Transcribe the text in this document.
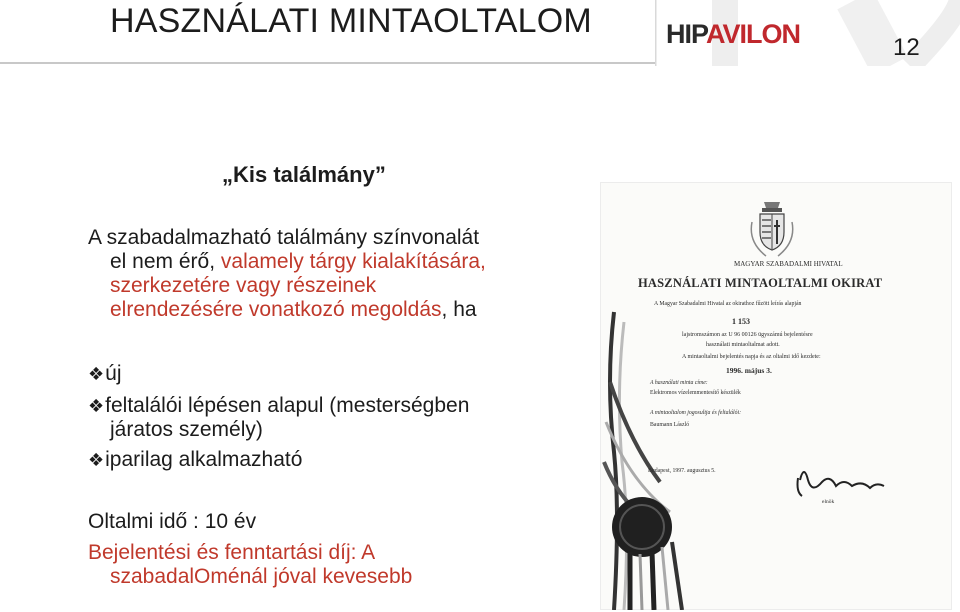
HASZNÁLATI MINTAOLTALOM	HIPAVILON	12
„Kis találmány”
A szabadalmazható találmány színvonalát
el nem érő, valamely tárgy kialakítására,
szerkezetére vagy részeinek
elrendezésére vonatkozó megoldás, ha
❖új
❖feltalálói lépésen alapul (mesterségben
járatos személy)
❖iparilag alkalmazható
Oltalmi idő : 10 év
Bejelentési és fenntartási díj: A
szabadalOménál jóval kevesebb
MAGYAR SZABADALMI HIVATAL
HASZNÁLATI MINTAOLTALMI OKIRAT
A Magyar Szabadalmi Hivatal az okirathoz fűzött leírás alapján
1 153
lajstromszámon az U 96 00126 ügyszámú bejelentésre
használati mintaoltalmat adott.
A mintaoltalmi bejelentés napja és az oltalmi idő kezdete:
1996. május 3.
A használati minta címe:
Elektromos vízelemmentesítő készülék
A mintaoltalom jogosultja és feltalálói:
Baumann László
Budapest, 1997. augusztus 5.
elnök
